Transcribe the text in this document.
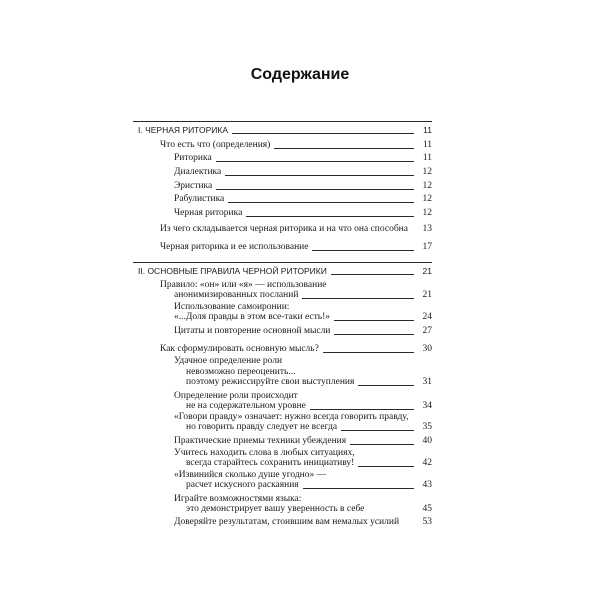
Содержание
I. ЧЕРНАЯ РИТОРИКА	11
Что есть что (определения)	11
Риторика	11
Диалектика	12
Эристика	12
Рабулистика	12
Черная риторика	12
Из чего складывается черная риторика и на что она способна	13
Черная риторика и ее использование	17
II. ОСНОВНЫЕ ПРАВИЛА ЧЕРНОЙ РИТОРИКИ	21
Правило: «он» или «я» — использование
анонимизированных посланий	21
Использование самоиронии:
«...Доля правды в этом все-таки есть!»	24
Цитаты и повторение основной мысли	27
Как сформулировать основную мысль?	30
Удачное определение роли
невозможно переоценить...
поэтому режиссируйте свои выступления	31
Определение роли происходит
не на содержательном уровне	34
«Говори правду» означает: нужно всегда говорить правду,
но говорить правду следует не всегда	35
Практические приемы техники убеждения	40
Учитесь находить слова в любых ситуациях,
всегда старайтесь сохранить инициативу!	42
«Извинийся сколько душе угодно» —
расчет искусного раскаяния	43
Играйте возможностями языка:
это демонстрирует вашу уверенность в себе	45
Доверяйте результатам, стоившим вам немалых усилий	53
